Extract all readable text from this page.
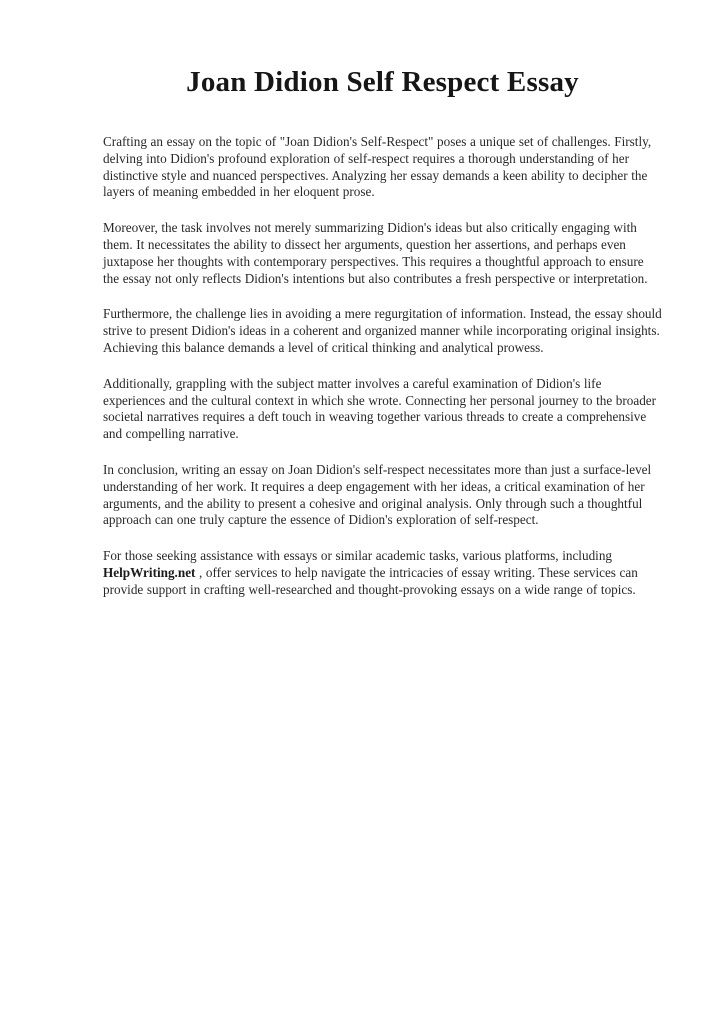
Joan Didion Self Respect Essay

Crafting an essay on the topic of "Joan Didion's Self-Respect" poses a unique set of challenges. Firstly, delving into Didion's profound exploration of self-respect requires a thorough understanding of her distinctive style and nuanced perspectives. Analyzing her essay demands a keen ability to decipher the layers of meaning embedded in her eloquent prose.

Moreover, the task involves not merely summarizing Didion's ideas but also critically engaging with them. It necessitates the ability to dissect her arguments, question her assertions, and perhaps even juxtapose her thoughts with contemporary perspectives. This requires a thoughtful approach to ensure the essay not only reflects Didion's intentions but also contributes a fresh perspective or interpretation.

Furthermore, the challenge lies in avoiding a mere regurgitation of information. Instead, the essay should strive to present Didion's ideas in a coherent and organized manner while incorporating original insights. Achieving this balance demands a level of critical thinking and analytical prowess.

Additionally, grappling with the subject matter involves a careful examination of Didion's life experiences and the cultural context in which she wrote. Connecting her personal journey to the broader societal narratives requires a deft touch in weaving together various threads to create a comprehensive and compelling narrative.

In conclusion, writing an essay on Joan Didion's self-respect necessitates more than just a surface-level understanding of her work. It requires a deep engagement with her ideas, a critical examination of her arguments, and the ability to present a cohesive and original analysis. Only through such a thoughtful approach can one truly capture the essence of Didion's exploration of self-respect.

For those seeking assistance with essays or similar academic tasks, various platforms, including HelpWriting.net , offer services to help navigate the intricacies of essay writing. These services can provide support in crafting well-researched and thought-provoking essays on a wide range of topics.
